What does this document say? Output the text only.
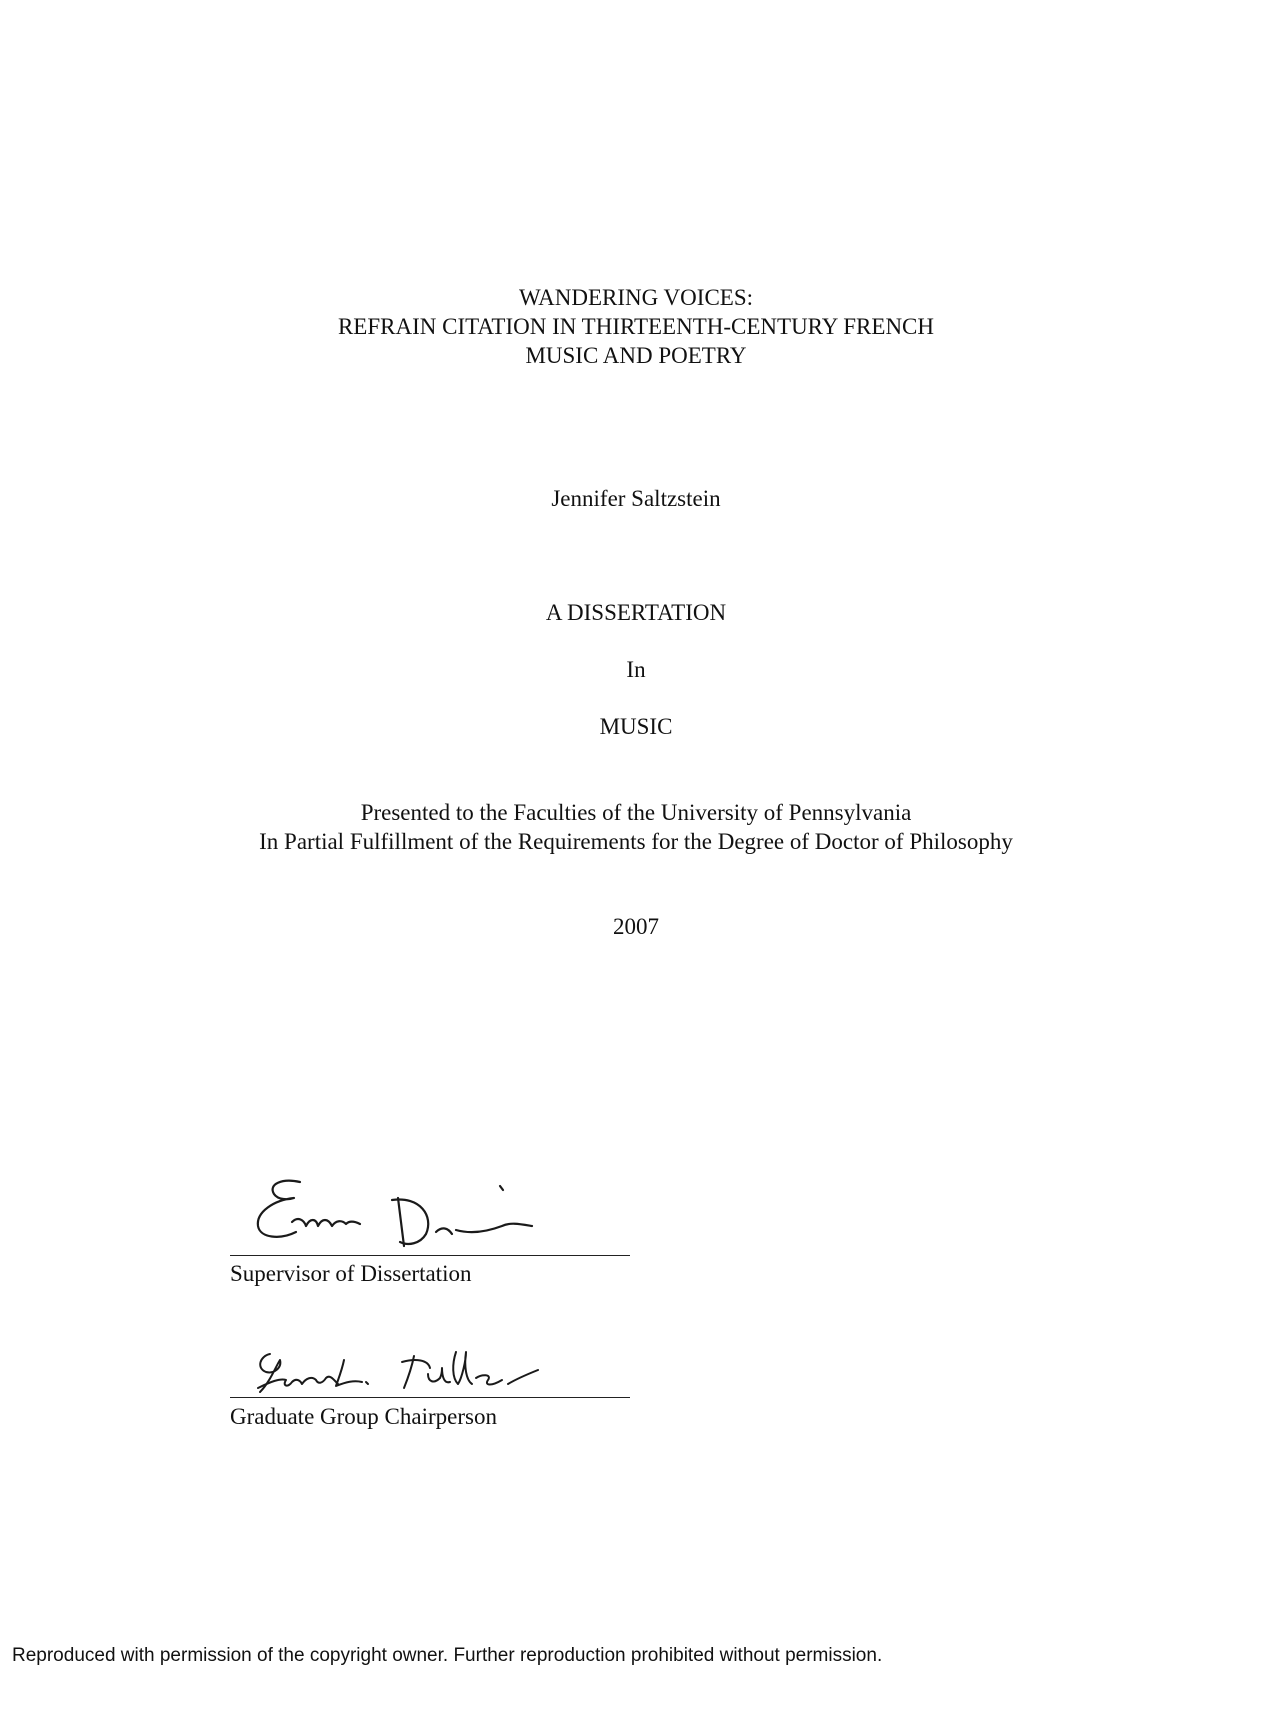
WANDERING VOICES:
REFRAIN CITATION IN THIRTEENTH-CENTURY FRENCH
MUSIC AND POETRY
Jennifer Saltzstein
A DISSERTATION
In
MUSIC
Presented to the Faculties of the University of Pennsylvania
In Partial Fulfillment of the Requirements for the Degree of Doctor of Philosophy
2007
Supervisor of Dissertation
Graduate Group Chairperson
Reproduced with permission of the copyright owner. Further reproduction prohibited without permission.
